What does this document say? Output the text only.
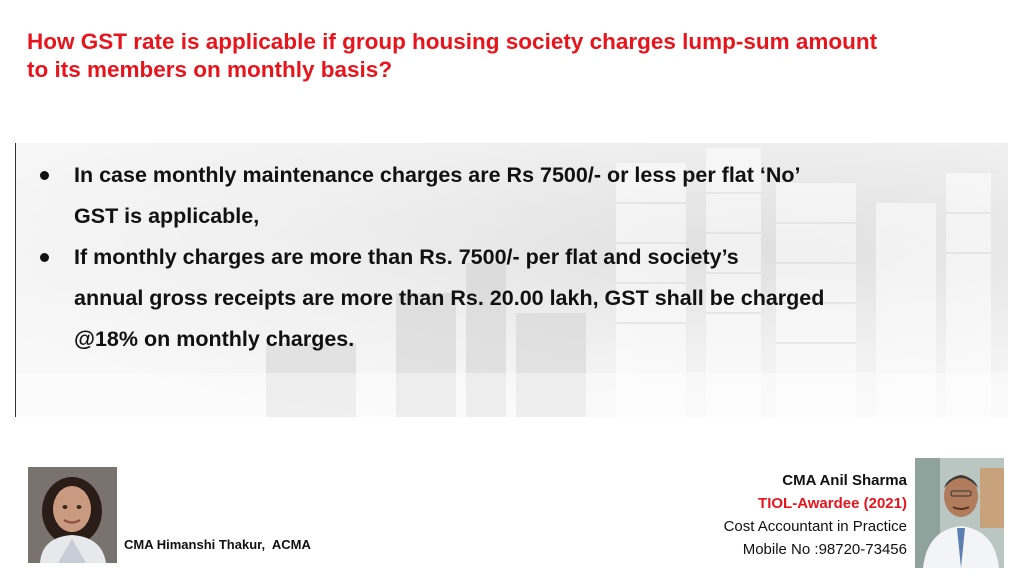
How GST rate is applicable if group housing society charges lump-sum amount
to its members on monthly basis?
In case monthly maintenance charges are Rs 7500/- or less per flat ‘No’
GST is applicable,
If monthly charges are more than Rs. 7500/- per flat and society’s
annual gross receipts are more than Rs. 20.00 lakh, GST shall be charged
@18% on monthly charges.
CMA Himanshi Thakur,  ACMA
CMA Anil Sharma
TIOL-Awardee (2021)
Cost Accountant in Practice
Mobile No :98720-73456
